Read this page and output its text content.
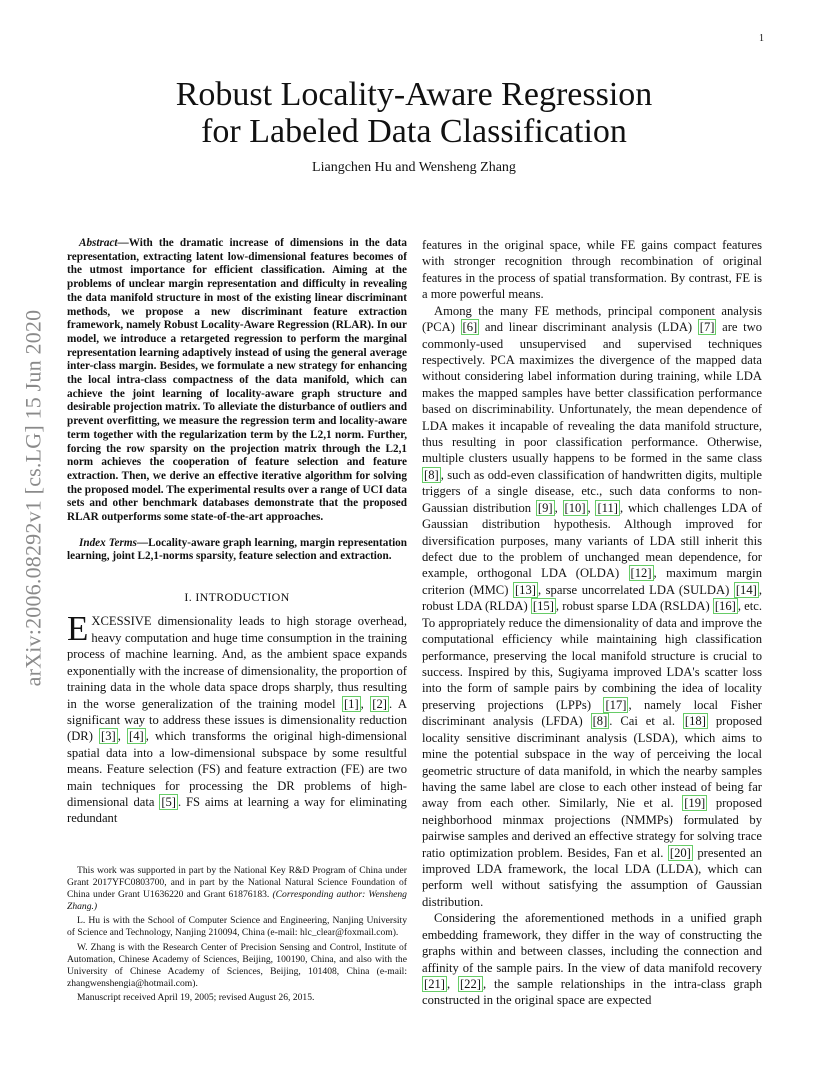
1
arXiv:2006.08292v1 [cs.LG] 15 Jun 2020
Robust Locality-Aware Regression
for Labeled Data Classification
Liangchen Hu and Wensheng Zhang

Abstract—With the dramatic increase of dimensions in the data representation, extracting latent low-dimensional features becomes of the utmost importance for efficient classification. Aiming at the problems of unclear margin representation and difficulty in revealing the data manifold structure in most of the existing linear discriminant methods, we propose a new discriminant feature extraction framework, namely Robust Locality-Aware Regression (RLAR). In our model, we introduce a retargeted regression to perform the marginal representation learning adaptively instead of using the general average inter-class margin. Besides, we formulate a new strategy for enhancing the local intra-class compactness of the data manifold, which can achieve the joint learning of locality-aware graph structure and desirable projection matrix. To alleviate the disturbance of outliers and prevent overfitting, we measure the regression term and locality-aware term together with the regularization term by the L2,1 norm. Further, forcing the row sparsity on the projection matrix through the L2,1 norm achieves the cooperation of feature selection and feature extraction. Then, we derive an effective iterative algorithm for solving the proposed model. The experimental results over a range of UCI data sets and other benchmark databases demonstrate that the proposed RLAR outperforms some state-of-the-art approaches.

Index Terms—Locality-aware graph learning, margin representation learning, joint L2,1-norms sparsity, feature selection and extraction.

I. INTRODUCTION

EXCESSIVE dimensionality leads to high storage overhead, heavy computation and huge time consumption in the training process of machine learning. And, as the ambient space expands exponentially with the increase of dimensionality, the proportion of training data in the whole data space drops sharply, thus resulting in the worse generalization of the training model [1] , [2] . A significant way to address these issues is dimensionality reduction (DR) [3] , [4] , which transforms the original high-dimensional spatial data into a low-dimensional subspace by some resultful means. Feature selection (FS) and feature extraction (FE) are two main techniques for processing the DR problems of high-dimensional data [5] . FS aims at learning a way for eliminating redundant

This work was supported in part by the National Key R&D Program of China under Grant 2017YFC0803700, and in part by the National Natural Science Foundation of China under Grant U1636220 and Grant 61876183. (Corresponding author: Wensheng Zhang.)

L. Hu is with the School of Computer Science and Engineering, Nanjing University of Science and Technology, Nanjing 210094, China (e-mail: hlc_clear@foxmail.com).

W. Zhang is with the Research Center of Precision Sensing and Control, Institute of Automation, Chinese Academy of Sciences, Beijing, 100190, China, and also with the University of Chinese Academy of Sciences, Beijing, 101408, China (e-mail: zhangwenshengia@hotmail.com).

Manuscript received April 19, 2005; revised August 26, 2015.

features in the original space, while FE gains compact features with stronger recognition through recombination of original features in the process of spatial transformation. By contrast, FE is a more powerful means.

Among the many FE methods, principal component analysis (PCA) [6] and linear discriminant analysis (LDA) [7] are two commonly-used unsupervised and supervised techniques respectively. PCA maximizes the divergence of the mapped data without considering label information during training, while LDA makes the mapped samples have better classification performance based on discriminability. Unfortunately, the mean dependence of LDA makes it incapable of revealing the data manifold structure, thus resulting in poor classification performance. Otherwise, multiple clusters usually happens to be formed in the same class [8] , such as odd-even classification of handwritten digits, multiple triggers of a single disease, etc., such data conforms to non-Gaussian distribution [9] , [10] , [11] , which challenges LDA of Gaussian distribution hypothesis. Although improved for diversification purposes, many variants of LDA still inherit this defect due to the problem of unchanged mean dependence, for example, orthogonal LDA (OLDA) [12] , maximum margin criterion (MMC) [13] , sparse uncorrelated LDA (SULDA) [14] , robust LDA (RLDA) [15] , robust sparse LDA (RSLDA) [16] , etc. To appropriately reduce the dimensionality of data and improve the computational efficiency while maintaining high classification performance, preserving the local manifold structure is crucial to success. Inspired by this, Sugiyama improved LDA's scatter loss into the form of sample pairs by combining the idea of locality preserving projections (LPPs) [17] , namely local Fisher discriminant analysis (LFDA) [8] . Cai et al. [18] proposed locality sensitive discriminant analysis (LSDA), which aims to mine the potential subspace in the way of perceiving the local geometric structure of data manifold, in which the nearby samples having the same label are close to each other instead of being far away from each other. Similarly, Nie et al. [19] proposed neighborhood minmax projections (NMMPs) formulated by pairwise samples and derived an effective strategy for solving trace ratio optimization problem. Besides, Fan et al. [20] presented an improved LDA framework, the local LDA (LLDA), which can perform well without satisfying the assumption of Gaussian distribution.

Considering the aforementioned methods in a unified graph embedding framework, they differ in the way of constructing the graphs within and between classes, including the connection and affinity of the sample pairs. In the view of data manifold recovery [21] , [22] , the sample relationships in the intra-class graph constructed in the original space are expected
